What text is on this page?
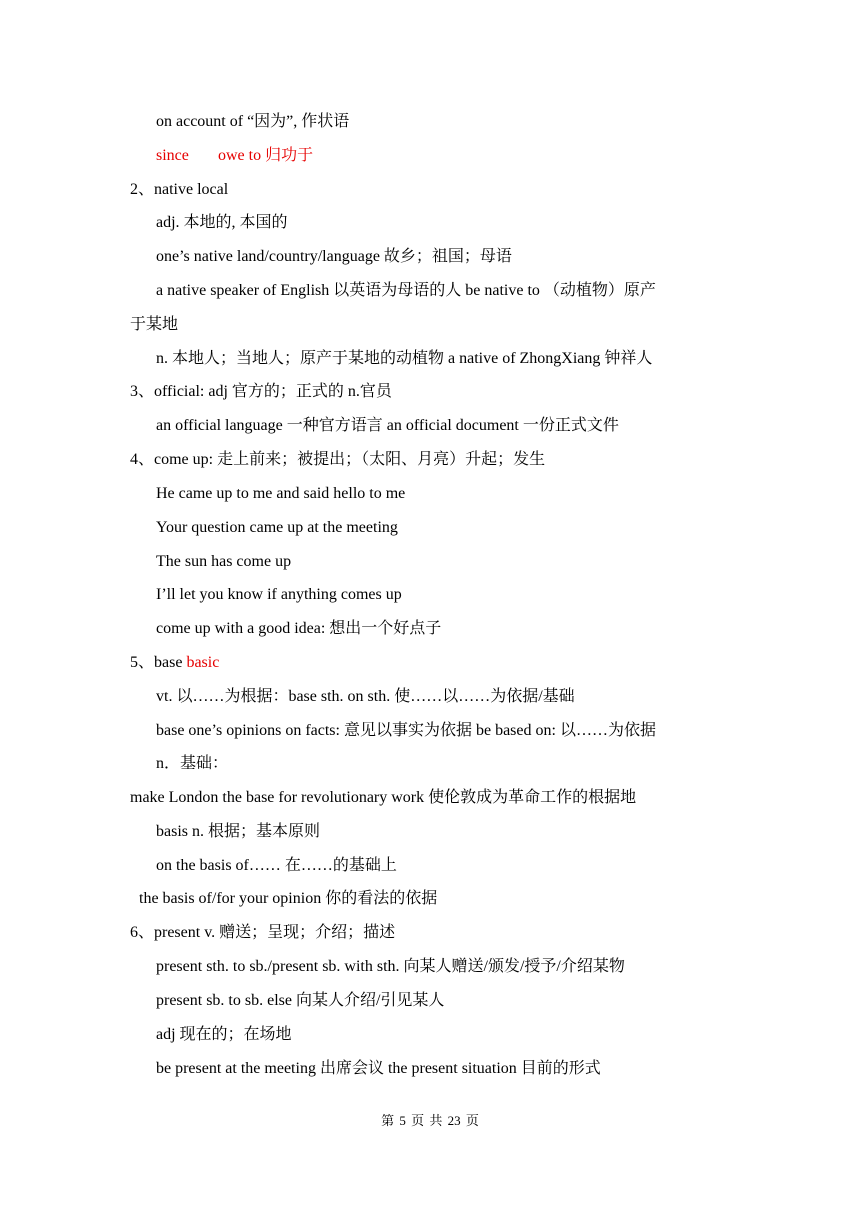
on account of “因为”, 作状语
since owe to 归功于
2、native local
adj. 本地的, 本国的
one’s native land/country/language 故乡；祖国；母语
a native speaker of English 以英语为母语的人 be native to （动植物）原产
于某地
n. 本地人；当地人；原产于某地的动植物 a native of ZhongXiang 钟祥人
3、official: adj 官方的；正式的 n.官员
an official language 一种官方语言 an official document 一份正式文件
4、come up: 走上前来；被提出；（太阳、月亮）升起；发生
He came up to me and said hello to me
Your question came up at the meeting
The sun has come up
I’ll let you know if anything comes up
come up with a good idea: 想出一个好点子
5、base basic
vt. 以……为根据：base sth. on sth. 使……以……为依据/基础
base one’s opinions on facts: 意见以事实为依据 be based on: 以……为依据
n．基础：
make London the base for revolutionary work 使伦敦成为革命工作的根据地
basis n. 根据；基本原则
on the basis of…… 在……的基础上
the basis of/for your opinion 你的看法的依据
6、present v. 赠送；呈现；介绍；描述
present sth. to sb./present sb. with sth. 向某人赠送/颁发/授予/介绍某物
present sb. to sb. else 向某人介绍/引见某人
adj 现在的；在场地
be present at the meeting 出席会议 the present situation 目前的形式
第 5 页 共 23 页
